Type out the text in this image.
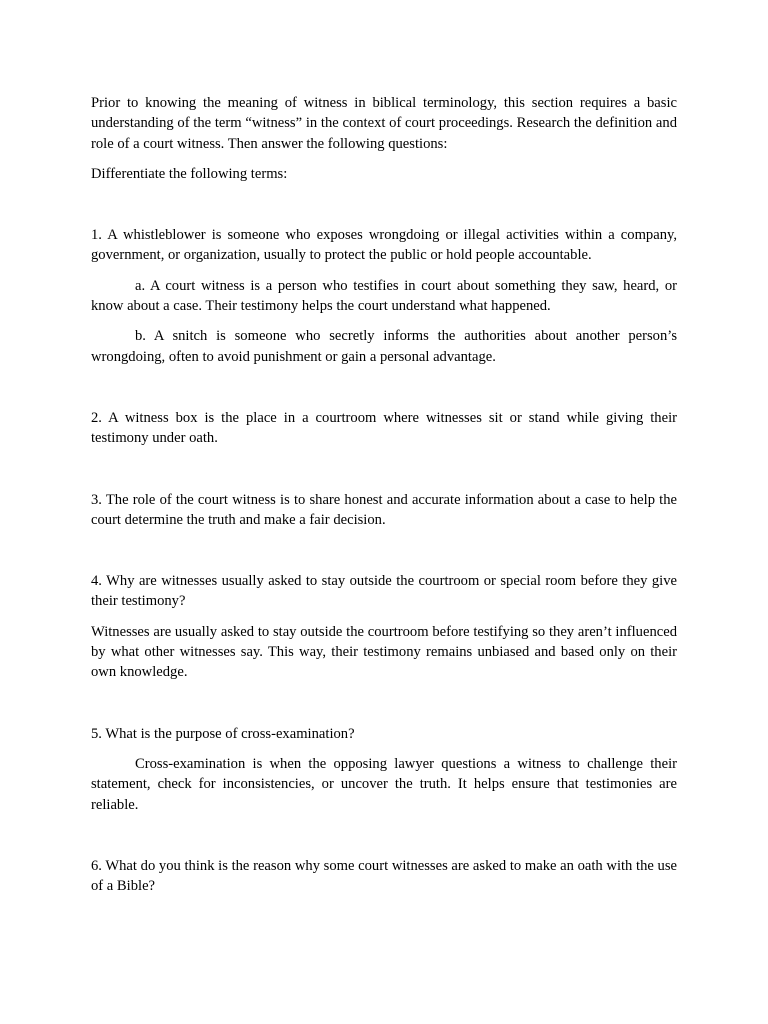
Prior to knowing the meaning of witness in biblical terminology, this section requires a basic understanding of the term “witness” in the context of court proceedings. Research the definition and role of a court witness. Then answer the following questions:

Differentiate the following terms:

1. A whistleblower is someone who exposes wrongdoing or illegal activities within a company, government, or organization, usually to protect the public or hold people accountable.

a. A court witness is a person who testifies in court about something they saw, heard, or know about a case. Their testimony helps the court understand what happened.

b. A snitch is someone who secretly informs the authorities about another person’s wrongdoing, often to avoid punishment or gain a personal advantage.

2. A witness box is the place in a courtroom where witnesses sit or stand while giving their testimony under oath.

3. The role of the court witness is to share honest and accurate information about a case to help the court determine the truth and make a fair decision.

4. Why are witnesses usually asked to stay outside the courtroom or special room before they give their testimony?

Witnesses are usually asked to stay outside the courtroom before testifying so they aren’t influenced by what other witnesses say. This way, their testimony remains unbiased and based only on their own knowledge.

5. What is the purpose of cross-examination?

Cross-examination is when the opposing lawyer questions a witness to challenge their statement, check for inconsistencies, or uncover the truth. It helps ensure that testimonies are reliable.

6. What do you think is the reason why some court witnesses are asked to make an oath with the use of a Bible?
